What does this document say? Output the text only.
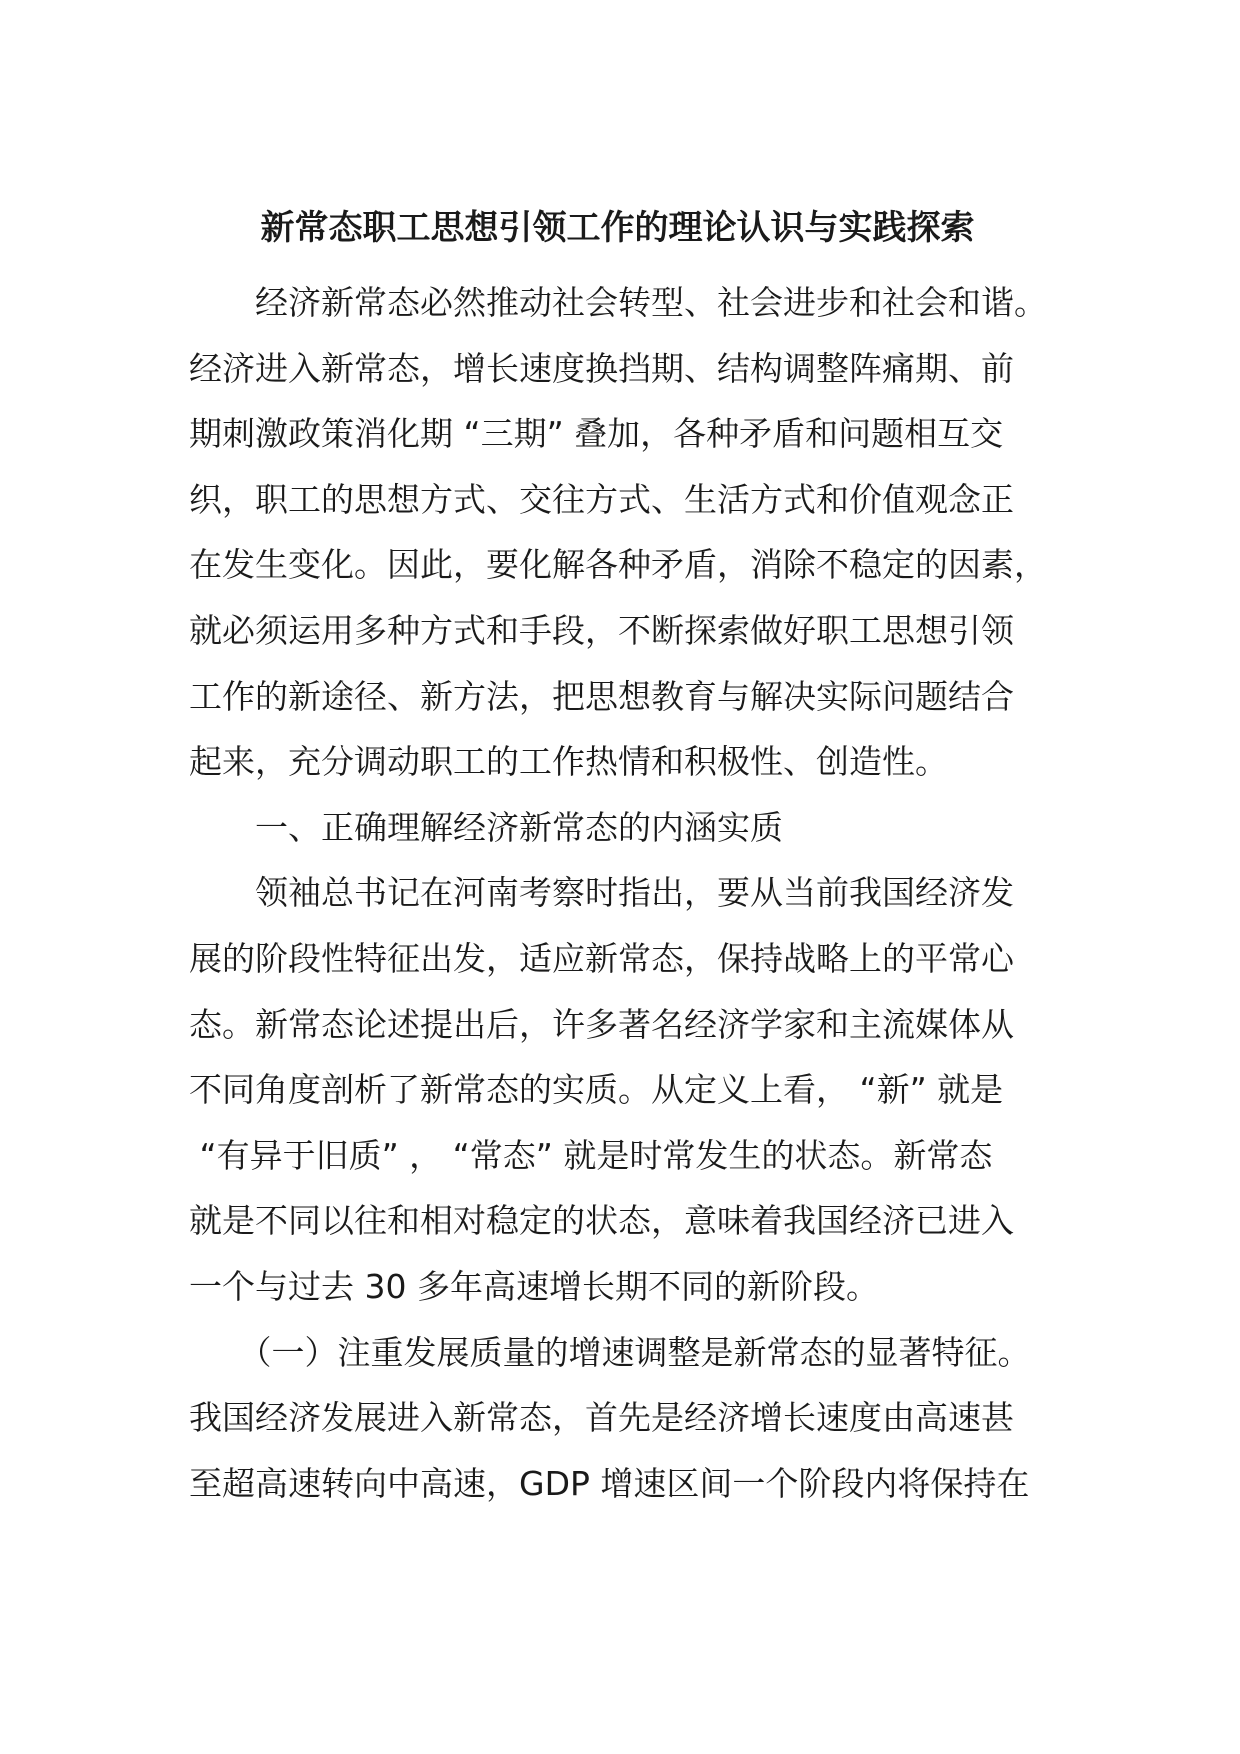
新常态职工思想引领工作的理论认识与实践探索
　　经济新常态必然推动社会转型、社会进步和社会和谐。
经济进入新常态，增长速度换挡期、结构调整阵痛期、前
期刺激政策消化期 “三期” 叠加，各种矛盾和问题相互交
织，职工的思想方式、交往方式、生活方式和价值观念正
在发生变化。因此，要化解各种矛盾，消除不稳定的因素，
就必须运用多种方式和手段，不断探索做好职工思想引领
工作的新途径、新方法，把思想教育与解决实际问题结合
起来，充分调动职工的工作热情和积极性、创造性。
　　一、正确理解经济新常态的内涵实质
　　领袖总书记在河南考察时指出，要从当前我国经济发
展的阶段性特征出发，适应新常态，保持战略上的平常心
态。新常态论述提出后，许多著名经济学家和主流媒体从
不同角度剖析了新常态的实质。从定义上看， “新” 就是
“有异于旧质” ， “常态” 就是时常发生的状态。新常态
就是不同以往和相对稳定的状态，意味着我国经济已进入
一个与过去 30 多年高速增长期不同的新阶段。
　　（一）注重发展质量的增速调整是新常态的显著特征。
我国经济发展进入新常态，首先是经济增长速度由高速甚
至超高速转向中高速，GDP 增速区间一个阶段内将保持在
